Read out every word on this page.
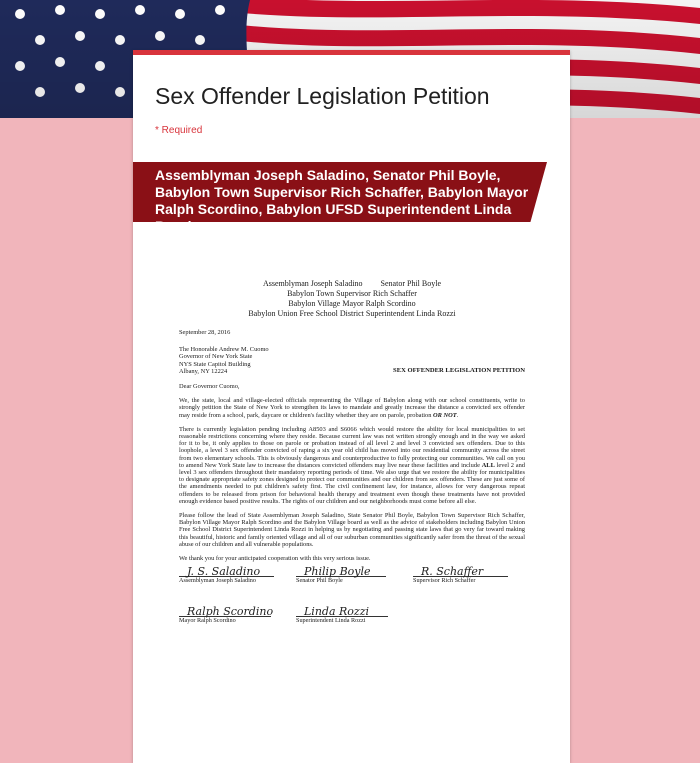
Sex Offender Legislation Petition
* Required
Assemblyman Joseph Saladino, Senator Phil Boyle, Babylon Town Supervisor Rich Schaffer, Babylon Mayor Ralph Scordino, Babylon UFSD Superintendent Linda Rozzi
Assemblyman Joseph Saladino Senator Phil Boyle
Babylon Town Supervisor Rich Schaffer
Babylon Village Mayor Ralph Scordino
Babylon Union Free School District Superintendent Linda Rozzi
September 28, 2016
The Honorable Andrew M. Cuomo
Governor of New York State
NYS State Capitol Building
Albany, NY 12224	SEX OFFENDER LEGISLATION PETITION
Dear Governor Cuomo,
We, the state, local and village-elected officials representing the Village of Babylon along with our school constituents, write to strongly petition the State of New York to strengthen its laws to mandate and greatly increase the distance a convicted sex offender may reside from a school, park, daycare or children's facility whether they are on parole, probation OR NOT.
There is currently legislation pending including A8503 and S6066 which would restore the ability for local municipalities to set reasonable restrictions concerning where they reside. Because current law was not written strongly enough and in the way we asked for it to be, it only applies to those on parole or probation instead of all level 2 and level 3 convicted sex offenders. Due to this loophole, a level 3 sex offender convicted of raping a six year old child has moved into our residential community across the street from two elementary schools. This is obviously dangerous and counterproductive to fully protecting our communities. We call on you to amend New York State law to increase the distances convicted offenders may live near these facilities and include ALL level 2 and level 3 sex offenders throughout their mandatory reporting periods of time. We also urge that we restore the ability for municipalities to designate appropriate safety zones designed to protect our communities and our children from sex offenders. These are just some of the amendments needed to put children's safety first. The civil confinement law, for instance, allows for very dangerous repeat offenders to be released from prison for behavioral health therapy and treatment even though these treatments have not provided enough evidence based positive results. The rights of our children and our neighborhoods must come before all else.
Please follow the lead of State Assemblyman Joseph Saladino, State Senator Phil Boyle, Babylon Town Supervisor Rich Schaffer, Babylon Village Mayor Ralph Scordino and the Babylon Village board as well as the advice of stakeholders including Babylon Union Free School District Superintendent Linda Rozzi in helping us by negotiating and passing state laws that go very far toward making this beautiful, historic and family oriented village and all of our suburban communities significantly safer from the threat of the sexual abuse of our children and all vulnerable populations.
We thank you for your anticipated cooperation with this very serious issue.
J. S. Saladino
Assemblyman Joseph Saladino
Philip Boyle
Senator Phil Boyle
R. Schaffer
Supervisor Rich Schaffer
Ralph Scordino
Mayor Ralph Scordino
Linda Rozzi
Superintendent Linda Rozzi
